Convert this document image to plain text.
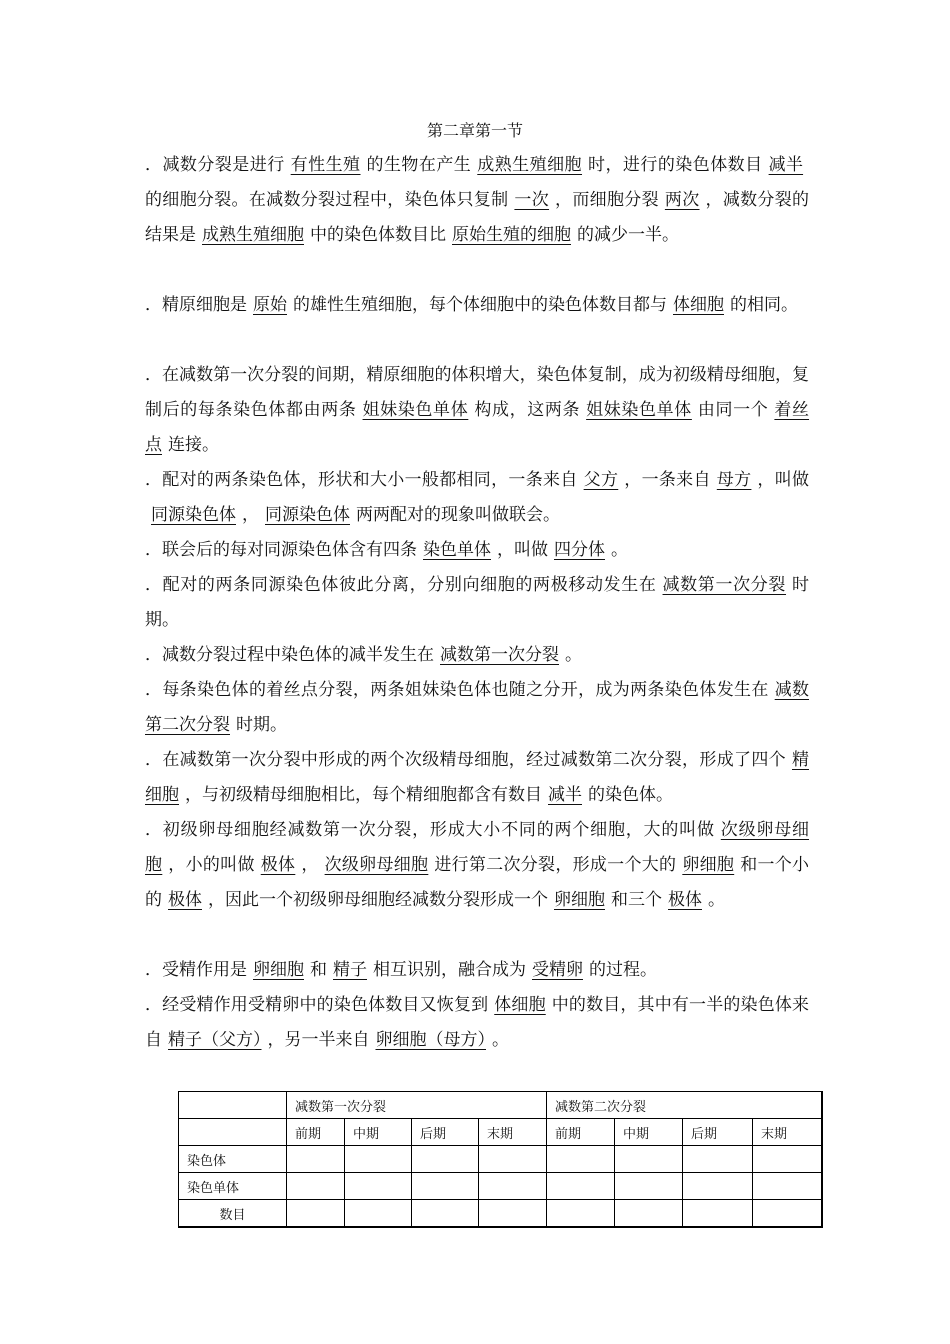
第二章第一节
．减数分裂是进行 有性生殖 的生物在产生 成熟生殖细胞 时，进行的染色体数目 减半的细胞分裂。在减数分裂过程中，染色体只复制 一次 ，而细胞分裂 两次 ，减数分裂的结果是 成熟生殖细胞 中的染色体数目比 原始生殖的细胞 的减少一半。
．精原细胞是 原始 的雄性生殖细胞，每个体细胞中的染色体数目都与 体细胞 的相同。
．在减数第一次分裂的间期，精原细胞的体积增大，染色体复制，成为初级精母细胞，复制后的每条染色体都由两条 姐妹染色单体 构成，这两条 姐妹染色单体 由同一个 着丝点 连接。
．配对的两条染色体，形状和大小一般都相同，一条来自 父方 ，一条来自 母方 ，叫做同源染色体 ， 同源染色体 两两配对的现象叫做联会。
．联会后的每对同源染色体含有四条 染色单体 ，叫做 四分体 。
．配对的两条同源染色体彼此分离，分别向细胞的两极移动发生在 减数第一次分裂 时期。
．减数分裂过程中染色体的减半发生在 减数第一次分裂 。
．每条染色体的着丝点分裂，两条姐妹染色体也随之分开，成为两条染色体发生在 减数第二次分裂 时期。
．在减数第一次分裂中形成的两个次级精母细胞，经过减数第二次分裂，形成了四个 精细胞 ，与初级精母细胞相比，每个精细胞都含有数目 减半 的染色体。
．初级卵母细胞经减数第一次分裂，形成大小不同的两个细胞，大的叫做 次级卵母细胞 ，小的叫做 极体 ， 次级卵母细胞 进行第二次分裂，形成一个大的 卵细胞 和一个小的 极体 ，因此一个初级卵母细胞经减数分裂形成一个 卵细胞 和三个 极体 。
．受精作用是 卵细胞 和 精子 相互识别，融合成为 受精卵 的过程。
．经受精作用受精卵中的染色体数目又恢复到 体细胞 中的数目，其中有一半的染色体来自 精子（父方） ，另一半来自 卵细胞（母方） 。
	减数第一次分裂				减数第二次分裂			
	前期	中期	后期	末期	前期	中期	后期	末期
染色体								
染色单体								
数目								
